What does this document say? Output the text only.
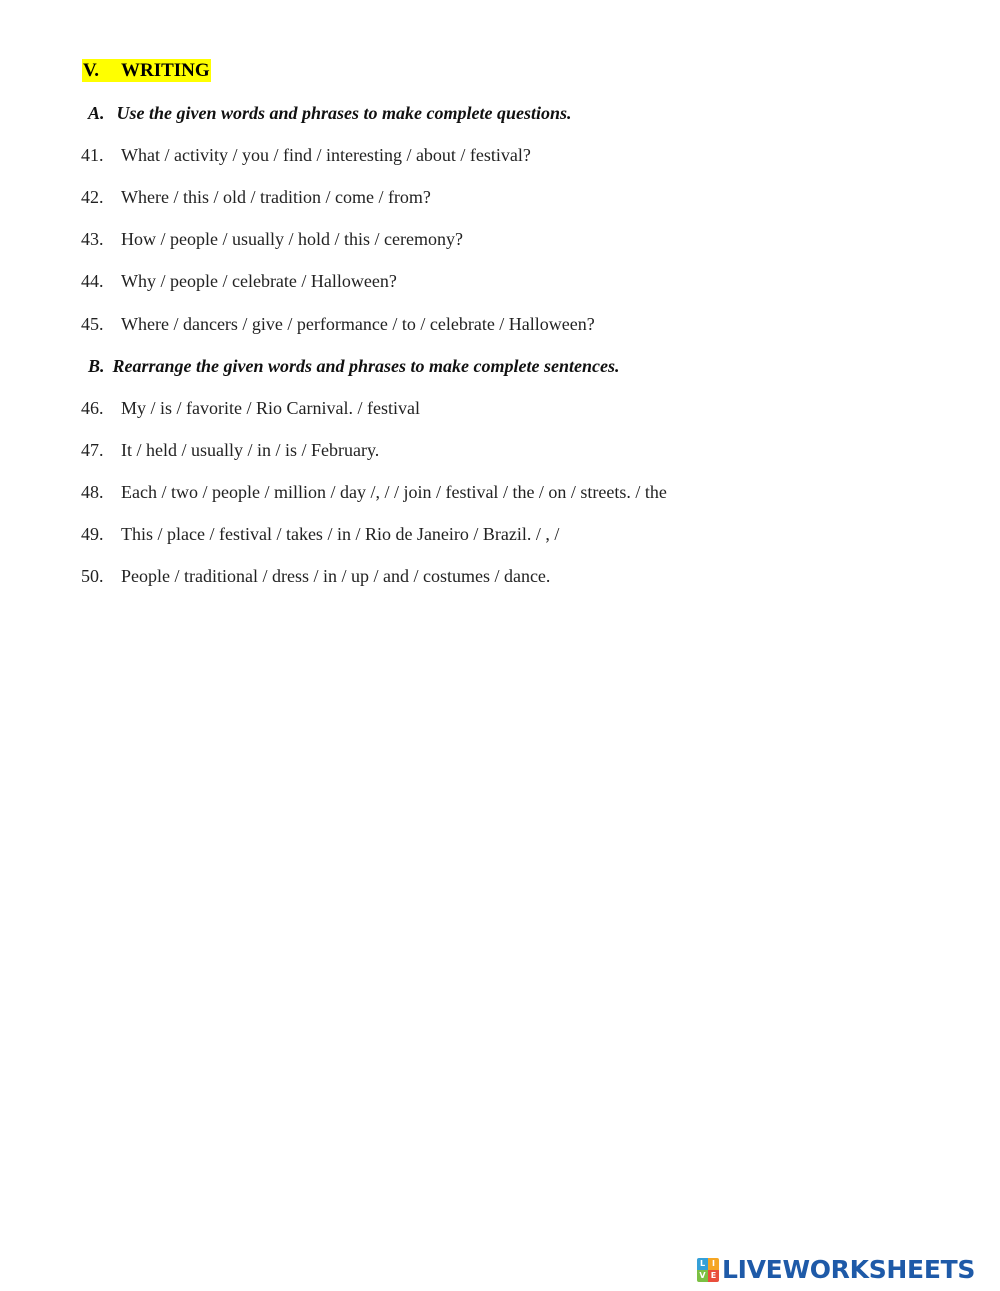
V. WRITING
A. Use the given words and phrases to make complete questions.
41. What / activity / you / find / interesting / about / festival?
42. Where / this / old / tradition / come / from?
43. How / people / usually / hold / this / ceremony?
44. Why / people / celebrate / Halloween?
45. Where / dancers / give / performance / to / celebrate / Halloween?
B. Rearrange the given words and phrases to make complete sentences.
46. My / is / favorite / Rio Carnival. / festival
47. It / held / usually / in / is / February.
48. Each / two / people / million / day /, / / join / festival / the / on / streets. / the
49. This / place / festival / takes / in / Rio de Janeiro / Brazil. / , /
50. People / traditional / dress / in / up / and / costumes / dance.
L I
V E LIVEWORKSHEETS
